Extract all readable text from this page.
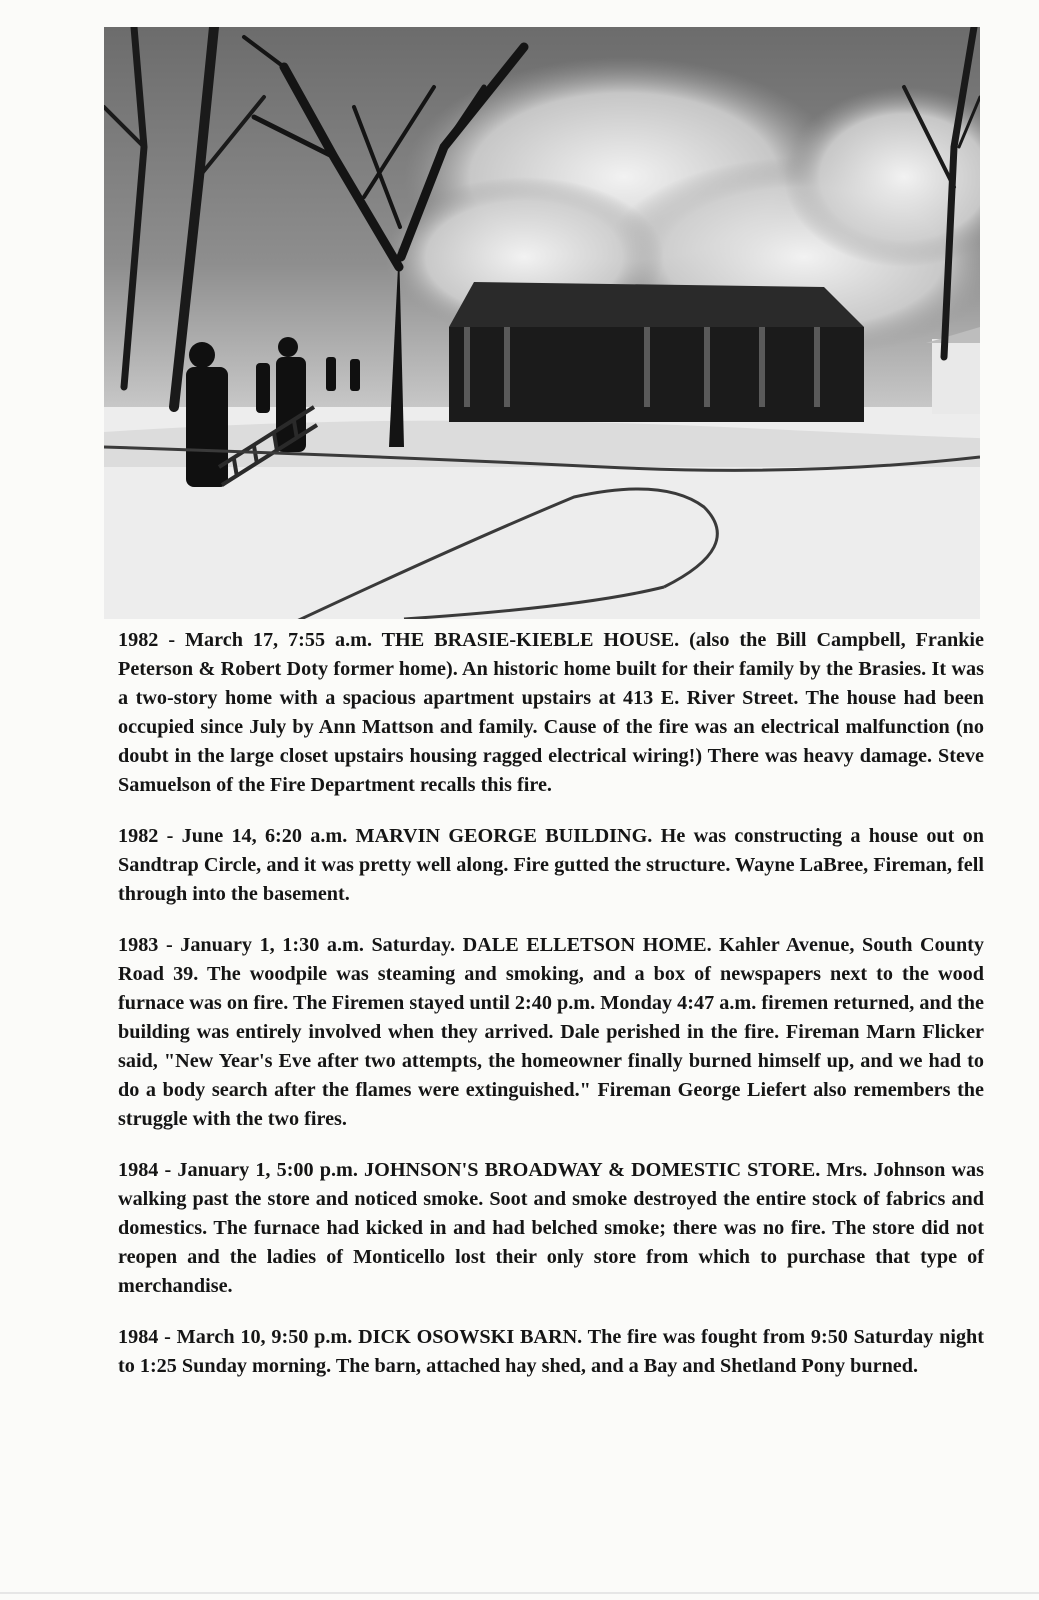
1982 - March 17, 7:55 a.m. THE BRASIE-KIEBLE HOUSE. (also the Bill Campbell, Frankie Peterson & Robert Doty former home). An historic home built for their family by the Brasies. It was a two-story home with a spacious apartment upstairs at 413 E. River Street. The house had been occupied since July by Ann Mattson and family. Cause of the fire was an electrical malfunction (no doubt in the large closet upstairs housing ragged electrical wiring!) There was heavy damage. Steve Samuelson of the Fire Department recalls this fire.

1982 - June 14, 6:20 a.m. MARVIN GEORGE BUILDING. He was constructing a house out on Sandtrap Circle, and it was pretty well along. Fire gutted the structure. Wayne LaBree, Fireman, fell through into the basement.

1983 - January 1, 1:30 a.m. Saturday. DALE ELLETSON HOME. Kahler Avenue, South County Road 39. The woodpile was steaming and smoking, and a box of newspapers next to the wood furnace was on fire. The Firemen stayed until 2:40 p.m. Monday 4:47 a.m. firemen returned, and the building was entirely involved when they arrived. Dale perished in the fire. Fireman Marn Flicker said, "New Year's Eve after two attempts, the homeowner finally burned himself up, and we had to do a body search after the flames were extinguished." Fireman George Liefert also remembers the struggle with the two fires.

1984 - January 1, 5:00 p.m. JOHNSON'S BROADWAY & DOMESTIC STORE. Mrs. Johnson was walking past the store and noticed smoke. Soot and smoke destroyed the entire stock of fabrics and domestics. The furnace had kicked in and had belched smoke; there was no fire. The store did not reopen and the ladies of Monticello lost their only store from which to purchase that type of merchandise.

1984 - March 10, 9:50 p.m. DICK OSOWSKI BARN. The fire was fought from 9:50 Saturday night to 1:25 Sunday morning. The barn, attached hay shed, and a Bay and Shetland Pony burned.
